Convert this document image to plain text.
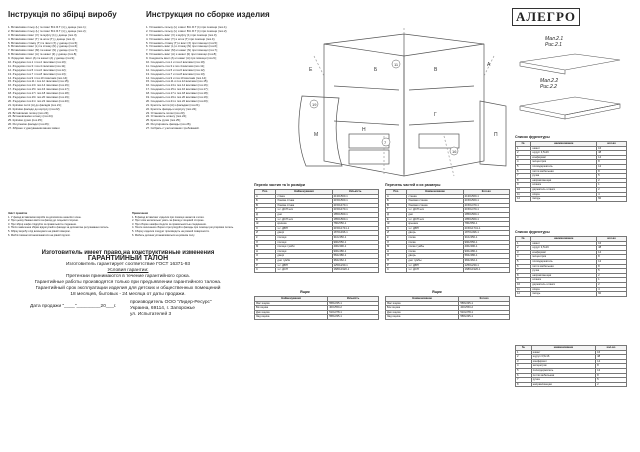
Інструкція по збірці виробу	Инструкция по сборке изделия	АЛЕГРО
1. Вставляємо гільзу (L) та гвинт В.К.Я.Т (1) у днище (поз.1);
2. Вставляємо гільзу (L) та гвинт В.К.Я.Т (1) у днище (поз.2);
3. Вставляємо гвинт (V) та муфту (1) у днище (поз.3);
4. Вставляємо гвинт (T) та шток (T) у днище (поз.4);
5. Вставляємо стяжку (Т) та гвинт (Х) у днище (поз.5);
6. Вставляємо гвинт (L) та стяжку (N) у днище (поз.6);
7. Вставляємо гвинт (М) та шкант (N) у днище (поз.7);
8. Вставляємо гвинт (А) та шкант (К) у днище (поз.8);
9. З'єднуємо гвинт (А) та шкант (А) у днище (поз.9);
10. З'єднуємо поз.1 і поз.2 гвинтами (поз.10);
11. З'єднуємо поз.3 і поз.4 гвинтами (поз.11);
12. З'єднуємо поз.5 і поз.6 гвинтами (поз.12);
13. З'єднуємо поз.7 і поз.8 гвинтами (поз.13);
14. З'єднуємо поз.9 і поз.10 гвинтами (поз.14);
15. З'єднуємо поз.11 і поз.12 гвинтами (поз.15);
16. З'єднуємо поз.13 і поз.14 гвинтами (поз.16);
17. З'єднуємо поз.15 і поз.16 гвинтами (поз.17);
18. З'єднуємо поз.17 і поз.18 гвинтами (поз.18);
19. З'єднуємо поз.19 і поз.20 гвинтами (поз.19);
20. З'єднуємо поз.21 і поз.22 гвинтами (поз.20);
21. Кріпимо петлі (А) до фасадів (поз.21);
22. Кріпимо фасади до корпусу (поз.22);
23. Вставляємо полиці (поз.23);
24. Встановлюємо штангу (поз.24);
25. Кріпимо ручки (поз.25);
26. Регулюємо фасади (поз.26);
27. Зібрано з урахуванням ваших вимог.
1. Установить гильзу (L) и винт В.К.Я.Т (1) при помощи (поз.1);
2. Установить гильзу (L) и винт В.К.Я.Т (1) при помощи (поз.2);
3. Установить винт (V) и муфту (1) при помощи (поз.3);
4. Установить винт (T) и шток (T) при помощи (поз.4);
5. Установить стяжку (Т) и винт (Х) при помощи (поз.5);
6. Установить винт (L) и стяжку (N) при помощи (поз.6);
7. Установить винт (М) и шкант (N) при помощи (поз.7);
8. Установить винт (А) и шкант (К) при помощи (поз.8);
9. Соединить винт (А) и шкант (А) при помощи (поз.9);
10. Соединить поз.1 и поз.2 винтами (поз.10);
11. Соединить поз.3 и поз.4 винтами (поз.11);
12. Соединить поз.5 и поз.6 винтами (поз.12);
13. Соединить поз.7 и поз.8 винтами (поз.13);
14. Соединить поз.9 и поз.10 винтами (поз.14);
15. Соединить поз.11 и поз.12 винтами (поз.15);
16. Соединить поз.13 и поз.14 винтами (поз.16);
17. Соединить поз.15 и поз.16 винтами (поз.17);
18. Соединить поз.17 и поз.18 винтами (поз.18);
19. Соединить поз.19 и поз.20 винтами (поз.19);
20. Соединить поз.21 и поз.22 винтами (поз.20);
21. Крепить петли (А) к фасадам (поз.21);
22. Крепить фасады к корпусу (поз.22);
23. Установить полки (поз.23);
24. Установить штангу (поз.24);
25. Крепить ручки (поз.25);
26. Регулировать фасады (поз.26);
27. Собрать с учетом ваших требований.
E	Б	В
A
М
Н
Г
П
19
11
7
16
Мал.2.1
Рис.2.1
Мал.2.2
Рис.2.2
Перелік частин та їх розміри
Поз.	Найменування	Кількість
А	стінка	2130х560-1
Б	бокова стінка	2150х560-1
В	бокова стінка	2150х470-1
Г	з.с. ДСП низ	2150х470-1
Д	дно	1850х560-1
Е	з.с. ДСП низ	1850х560-1
Ж	кришка	780х550-1
З	з.с. ДВП	2150х1741-1
И	двері	1870х496-1
К	полиця	310х350-1
Л	полиця	990х550-1
М	полиця тумби	400х390-1
Н	полиця	900х480-1
О	двері	584х380-1
П	дно тумби	384х362-1
Р	з.с. ДВП	1250х230-1
С	з.с. ДСП	1680х1920-1
Перечень частей и их размеры
Поз.	Наименование	Кол-во
А	стенка	2130х560-1
Б	боковая стенка	2150х560-1
В	боковая стенка	2150х470-1
Г	з.с. ДСП низ	2150х470-1
Д	дно	1850х560-1
Е	з.с. ДСП низ	1850х560-1
Ж	крышка	780х550-1
З	з.с. ДВП	2150х1741-1
И	дверь	1870х496-1
К	полка	310х350-1
Л	полка	990х550-1
М	полка тумбы	400х390-1
Н	полка	900х480-1
О	дверь	584х380-1
П	дно тумбы	384х362-1
Р	з.с. ДВП	1250х230-1
С	з.с. ДСП	1680х1920-1
Ящик
Найменування	Кількість
Фас ящика	558х335-1
Бік ящика	400х550-2
Дно ящика	510х378-1
Зад ящика	558х335-1
Ящик
Наименование	Кол-во
Фас ящика	558х335-1
Бок ящика	400х550-2
Дно ящика	510х378-1
Зад ящика	558х335-1
Список фурнитуры
№	наименование	кол-во
1	шкант	16
2	шуруп 3,5х16	48
3	конфирмат	14
4	эксцентрик	8
5	полкодержатель	12
6	петля мебельная	8
7	ручка	5
8	направляющая	2
9	штанга	1
10	держатель штанги	2
11	опора	4
12	гвоздь	60
Список фурнитуры
№	наименование	кол-во
1	шкант	16
2	шуруп 3,5х16	48
3	конфирмат	14
4	эксцентрик	8
5	полкодержатель	12
6	петля мебельная	8
7	ручка	5
8	направляющая	2
9	штанга	1
10	держатель штанги	2
11	опора	4
12	гвоздь	60
№	наименование	кол-во
1	шкант	16
2	шуруп 3,5х16	48
3	конфирмат	14
4	эксцентрик	8
5	полкодержатель	12
6	петля мебельная	8
7	ручка	5
8	направляющая	2
Зміст примітки
1. У фасад вставляємо вироби за допомогою шкантів і клею.
2. При цьому бажано вміти за фасад до лицьової сторони.
3. При збірці шафи слідкуйте за правильністю з'єднання.
4. Після закінчення збірки відрегулюйте фасади за допомогою регулювання петель.
5. Збірку виробу слід виконувати на рівній поверхні.
6. Меблі повинні встановлюватися на рівній підлозі.
Примечания
1. В фасад вставляют изделия при помощи шкантов и клея.
2. При этом желательно уметь за фасад к лицевой стороне.
3. При сборке шкафа следите за правильностью соединения.
4. После окончания сборки отрегулируйте фасады при помощи регулировки петель.
5. Сборку изделия следует производить на ровной поверхности.
6. Мебель должна устанавливаться на ровном полу.
Изготовитель имеет право на конструктивные изменения
ГАРАНТИЙНЫЙ ТАЛОН
Изготовитель гарантирует соответствие ГОСТ 16371-93
Условия гарантии:
Претензии принимаются в течение гарантийного срока.
Гарантийные работы производятся только при предъявлении гарантийного талона.
Гарантийный срок эксплуатации изделия для детских и общественных помещений
18 месяцев, бытовых - 24 месяца от даты продажи.
Дата продажи "____"_________20___г.
производитель ООО "Лидер-Ресурс"
Украина, 69114, г. Запорожье
ул. Испытателей 3
